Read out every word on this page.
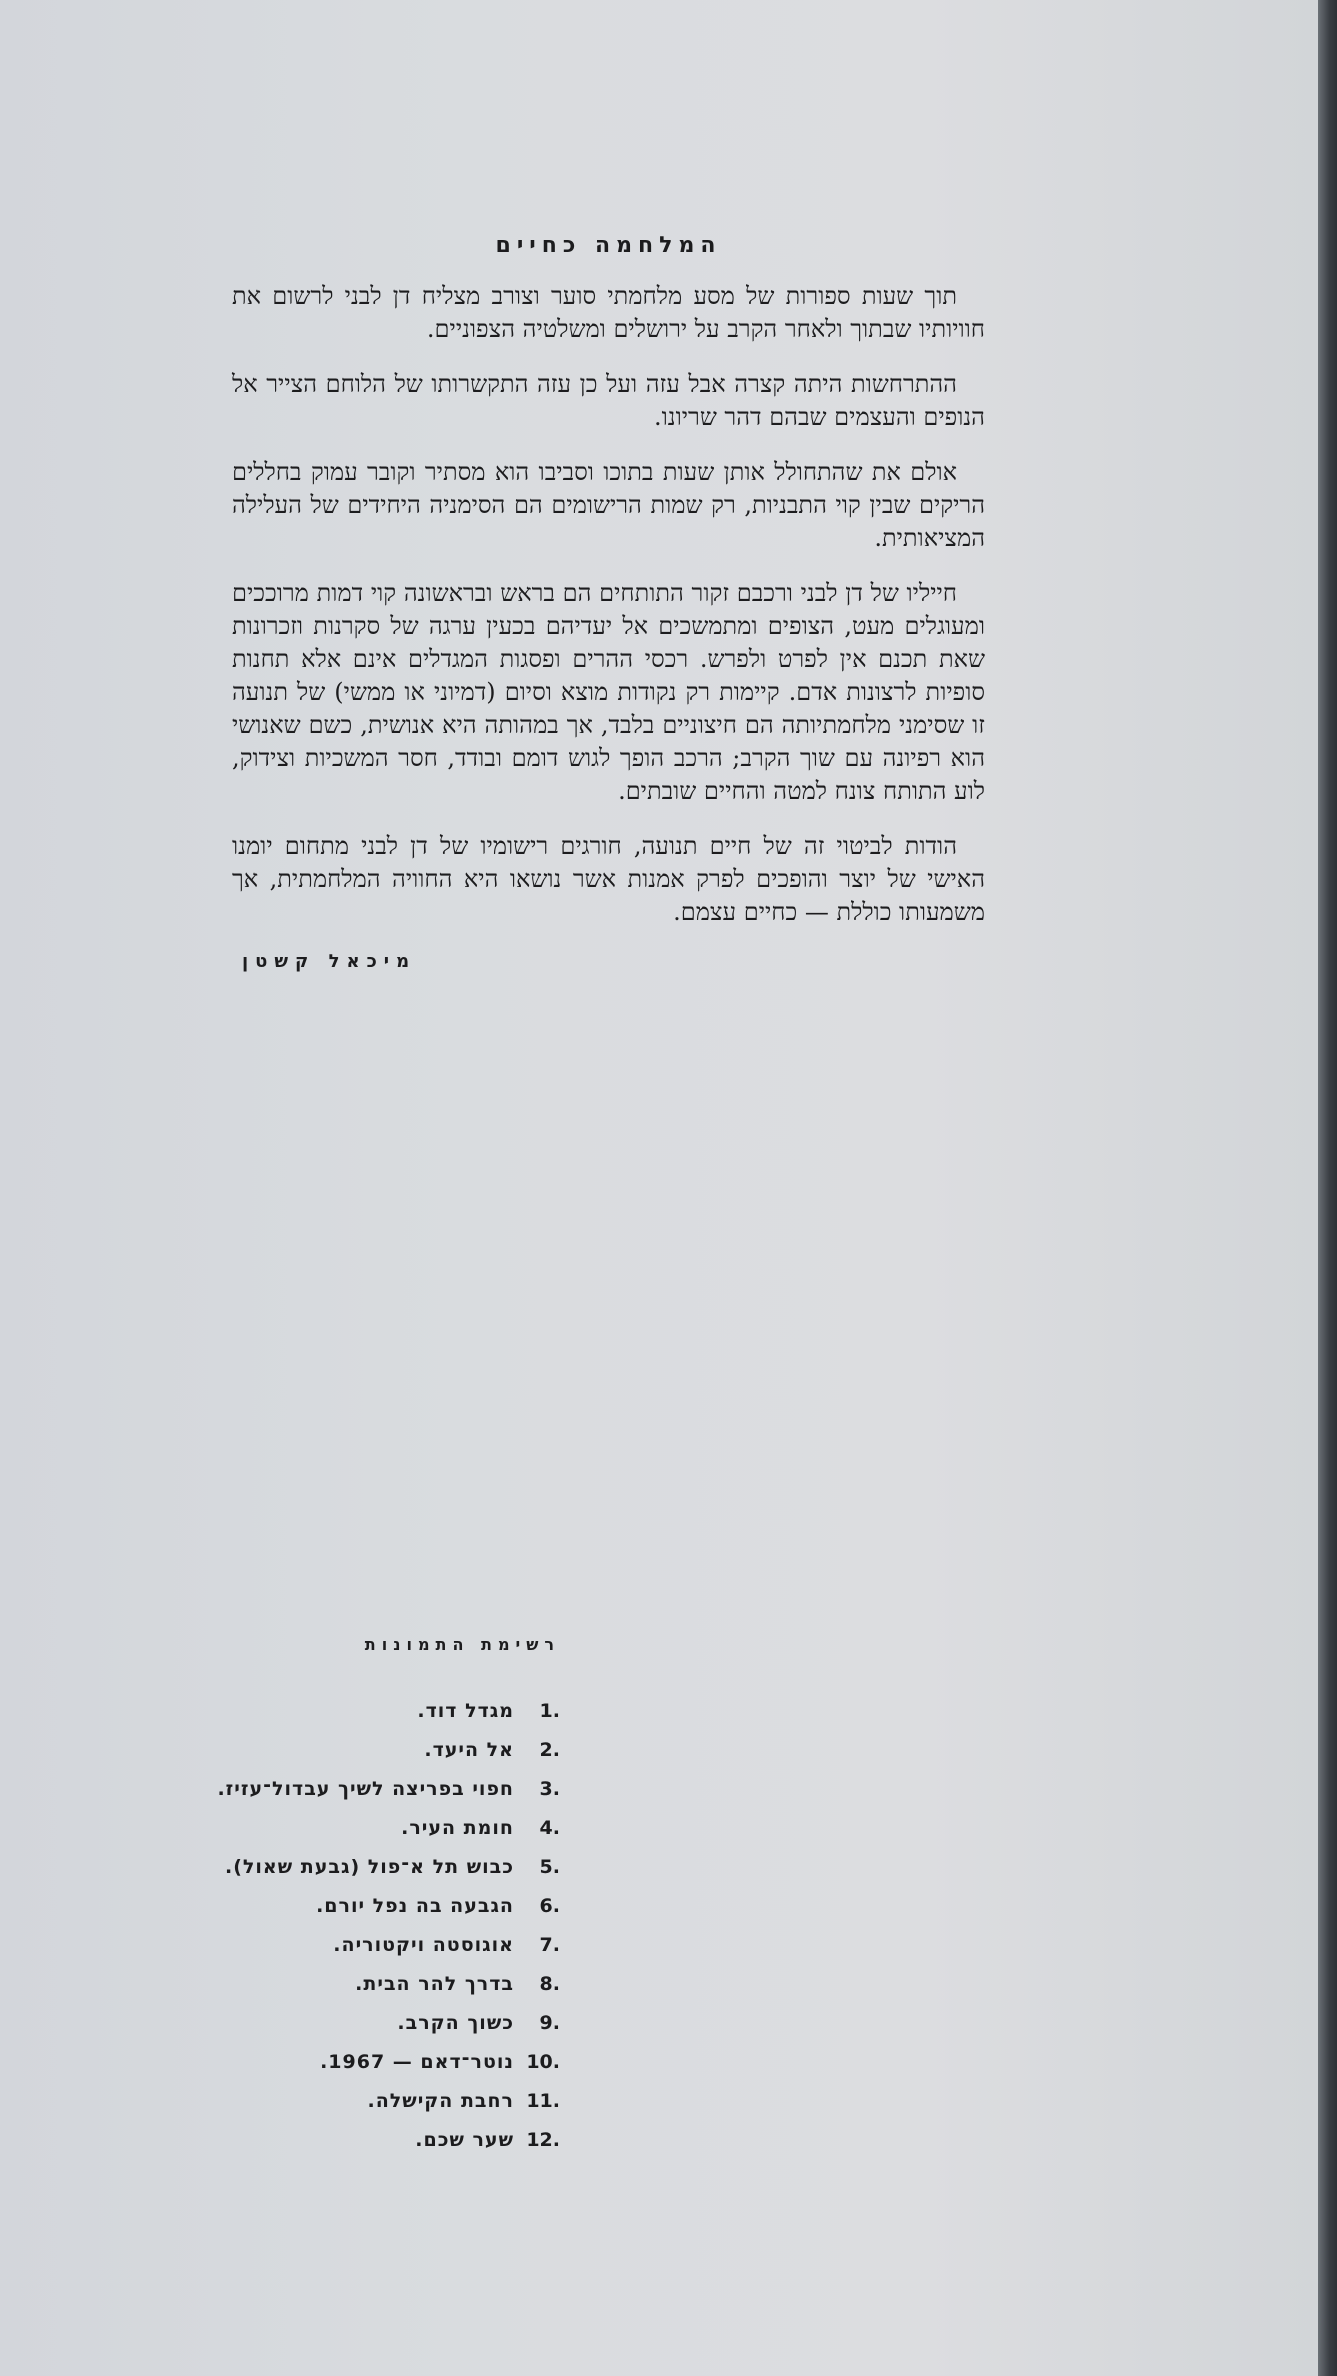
המלחמה כחיים

תוך שעות ספורות של מסע מלחמתי סוער וצורב מצליח דן לבני לרשום את חוויותיו שבתוך ולאחר הקרב על ירושלים ומשלטיה הצפוניים.

ההתרחשות היתה קצרה אבל עזה ועל כן עזה התקשרותו של הלוחם הצייר אל הנופים והעצמים שבהם דהר שריונו.

אולם את שהתחולל אותן שעות בתוכו וסביבו הוא מסתיר וקובר עמוק בחללים הריקים שבין קוי התבניות, רק שמות הרישומים הם הסימניה היחידים של העלילה המציאותית.

חייליו של דן לבני ורכבם זקור התותחים הם בראש ובראשונה קוי דמות מרוככים ומעוגלים מעט, הצופים ומתמשכים אל יעדיהם בכעין ערגה של סקרנות וזכרונות שאת תכנם אין לפרט ולפרש. רכסי ההרים ופסגות המגדלים אינם אלא תחנות סופיות לרצונות אדם. קיימות רק נקודות מוצא וסיום (דמיוני או ממשי) של תנועה זו שסימני מלחמתיותה הם חיצוניים בלבד, אך במהותה היא אנושית, כשם שאנושי הוא רפיונה עם שוך הקרב; הרכב הופך לגוש דומם ובודד, חסר המשכיות וצידוק, לוע התותח צונח למטה והחיים שובתים.

הודות לביטוי זה של חיים תנועה, חורגים רישומיו של דן לבני מתחום יומנו האישי של יוצר והופכים לפרק אמנות אשר נושאו היא החוויה המלחמתית, אך משמעותו כוללת — כחיים עצמם.

מיכאל קשטן
רשימת התמונות
1.
מגדל דוד.
2.
אל היעד.
3.
חפוי בפריצה לשיך עבדול־עזיז.
4.
חומת העיר.
5.
כבוש תל א־פול (גבעת שאול).
6.
הגבעה בה נפל יורם.
7.
אוגוסטה ויקטוריה.
8.
בדרך להר הבית.
9.
כשוך הקרב.
10.
נוטר־דאם — 1967.
11.
רחבת הקישלה.
12.
שער שכם.
